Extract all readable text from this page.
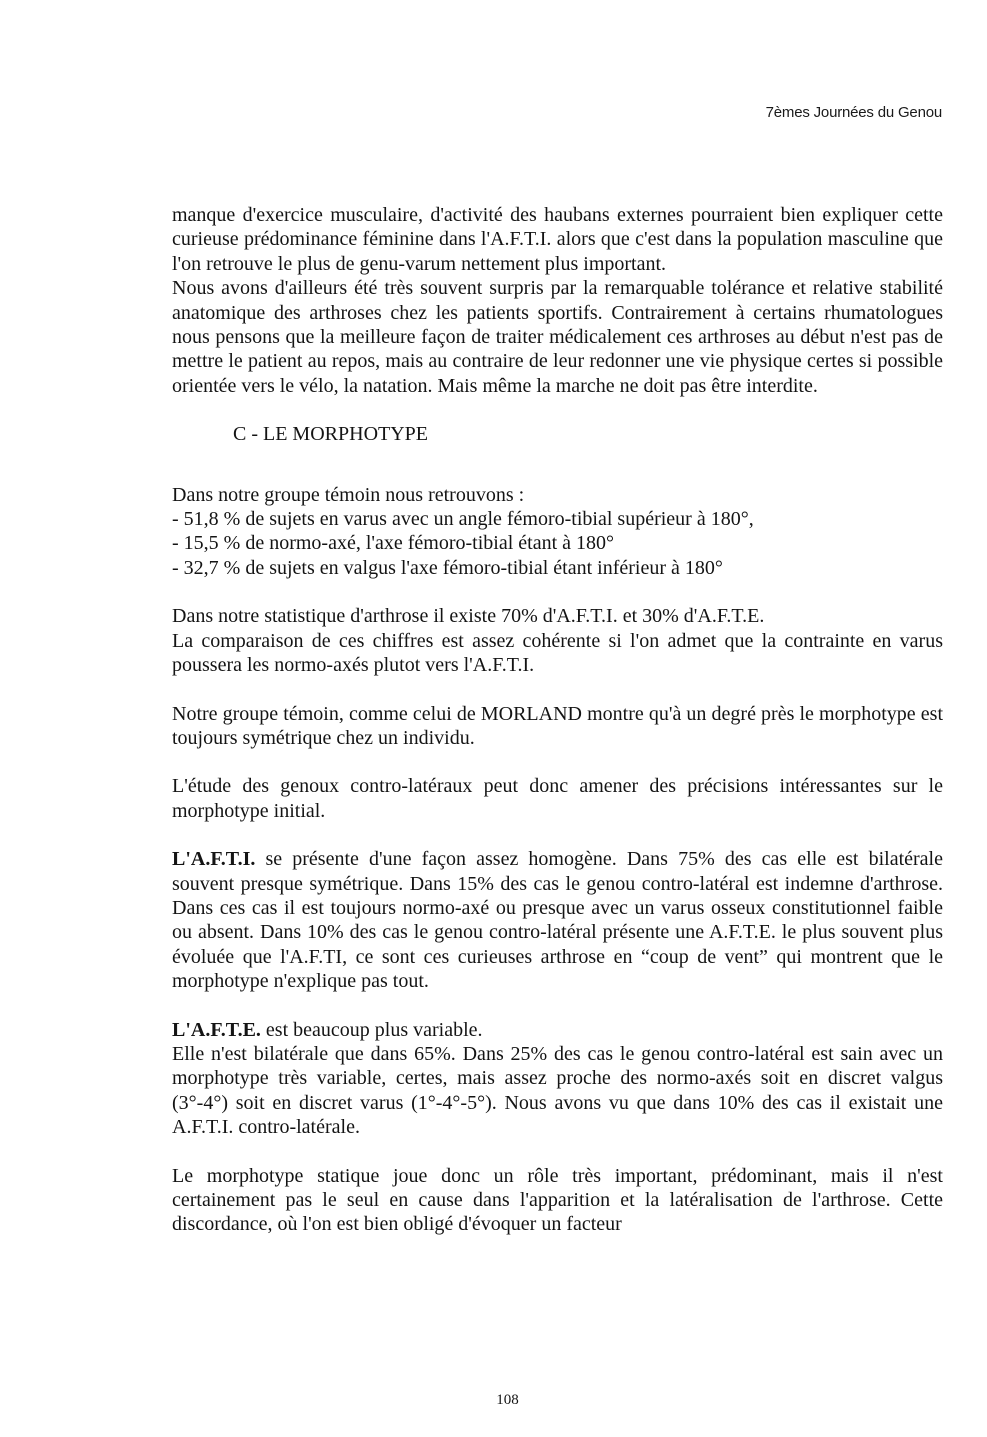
7èmes Journées du Genou

manque d'exercice musculaire, d'activité des haubans externes pourraient bien expliquer cette curieuse prédominance féminine dans l'A.F.T.I. alors que c'est dans la population masculine que l'on retrouve le plus de genu-varum nettement plus important.

Nous avons d'ailleurs été très souvent surpris par la remarquable tolérance et relative stabilité anatomique des arthroses chez les patients sportifs. Contrairement à certains rhumatologues nous pensons que la meilleure façon de traiter médicalement ces arthroses au début n'est pas de mettre le patient au repos, mais au contraire de leur redonner une vie physique certes si possible orientée vers le vélo, la natation. Mais même la marche ne doit pas être interdite.

C - LE MORPHOTYPE
Dans notre groupe témoin nous retrouvons :
- 51,8 % de sujets en varus avec un angle fémoro-tibial supérieur à 180°,
- 15,5 % de normo-axé, l'axe fémoro-tibial étant à 180°
- 32,7 % de sujets en valgus l'axe fémoro-tibial étant inférieur à 180°

Dans notre statistique d'arthrose il existe 70% d'A.F.T.I. et 30% d'A.F.T.E.

La comparaison de ces chiffres est assez cohérente si l'on admet que la contrainte en varus poussera les normo-axés plutot vers l'A.F.T.I.

Notre groupe témoin, comme celui de MORLAND montre qu'à un degré près le morphotype est toujours symétrique chez un individu.

L'étude des genoux contro-latéraux peut donc amener des précisions intéressantes sur le morphotype initial.

L'A.F.T.I. se présente d'une façon assez homogène. Dans 75% des cas elle est bilatérale souvent presque symétrique. Dans 15% des cas le genou contro-latéral est indemne d'arthrose. Dans ces cas il est toujours normo-axé ou presque avec un varus osseux constitutionnel faible ou absent. Dans 10% des cas le genou contro-latéral présente une A.F.T.E. le plus souvent plus évoluée que l'A.F.TI, ce sont ces curieuses arthrose en “coup de vent” qui montrent que le morphotype n'explique pas tout.

L'A.F.T.E. est beaucoup plus variable.

Elle n'est bilatérale que dans 65%. Dans 25% des cas le genou contro-latéral est sain avec un morphotype très variable, certes, mais assez proche des normo-axés soit en discret valgus (3°-4°) soit en discret varus (1°-4°-5°). Nous avons vu que dans 10% des cas il existait une A.F.T.I. contro-latérale.

Le morphotype statique joue donc un rôle très important, prédominant, mais il n'est certainement pas le seul en cause dans l'apparition et la latéralisation de l'arthrose. Cette discordance, où l'on est bien obligé d'évoquer un facteur

108
